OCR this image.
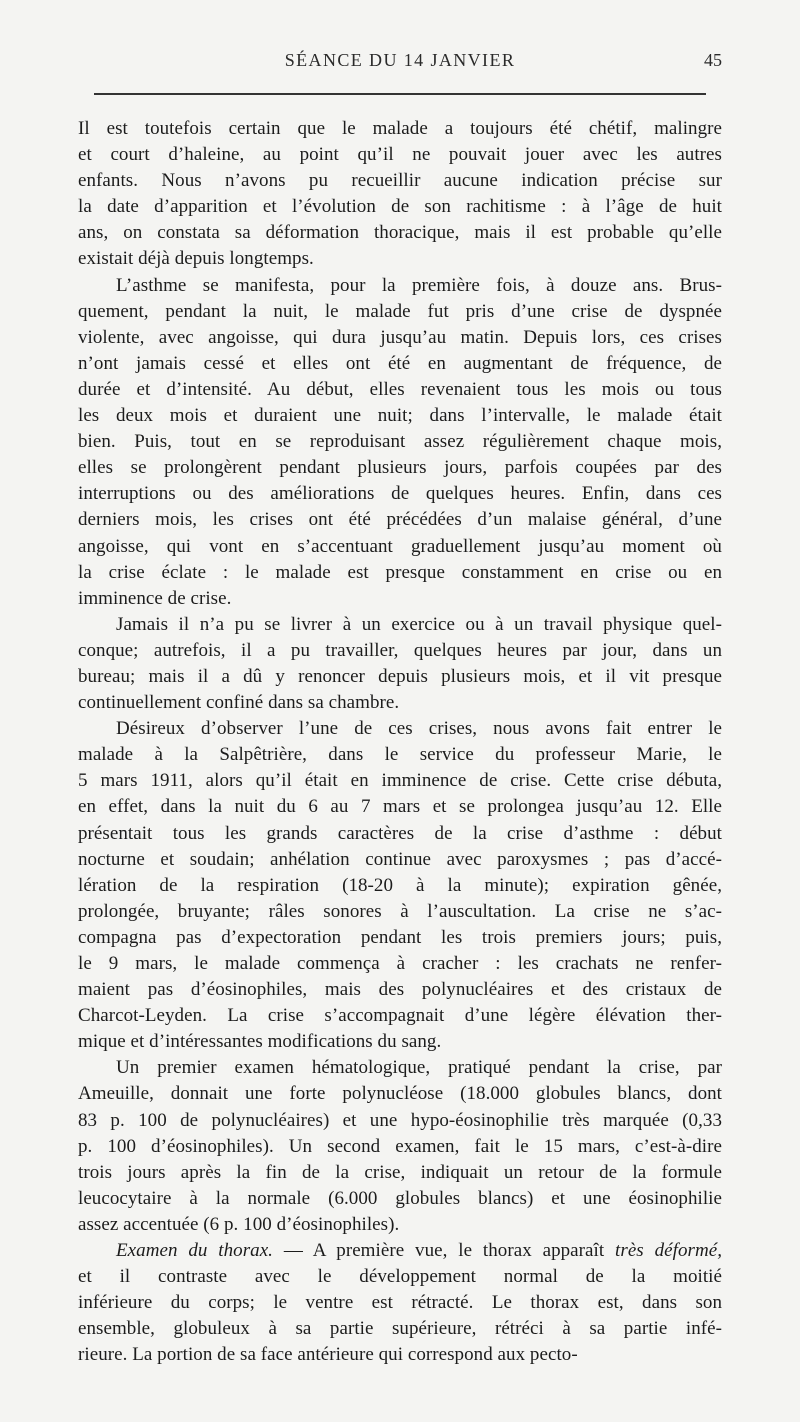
SÉANCE DU 14 JANVIER	45
Il est toutefois certain que le malade a toujours été chétif, malingre
et court d’haleine, au point qu’il ne pouvait jouer avec les autres
enfants. Nous n’avons pu recueillir aucune indication précise sur
la date d’apparition et l’évolution de son rachitisme : à l’âge de huit
ans, on constata sa déformation thoracique, mais il est probable qu’elle
existait déjà depuis longtemps.
L’asthme se manifesta, pour la première fois, à douze ans. Brus-
quement, pendant la nuit, le malade fut pris d’une crise de dyspnée
violente, avec angoisse, qui dura jusqu’au matin. Depuis lors, ces crises
n’ont jamais cessé et elles ont été en augmentant de fréquence, de
durée et d’intensité. Au début, elles revenaient tous les mois ou tous
les deux mois et duraient une nuit; dans l’intervalle, le malade était
bien. Puis, tout en se reproduisant assez régulièrement chaque mois,
elles se prolongèrent pendant plusieurs jours, parfois coupées par des
interruptions ou des améliorations de quelques heures. Enfin, dans ces
derniers mois, les crises ont été précédées d’un malaise général, d’une
angoisse, qui vont en s’accentuant graduellement jusqu’au moment où
la crise éclate : le malade est presque constamment en crise ou en
imminence de crise.
Jamais il n’a pu se livrer à un exercice ou à un travail physique quel-
conque; autrefois, il a pu travailler, quelques heures par jour, dans un
bureau; mais il a dû y renoncer depuis plusieurs mois, et il vit presque
continuellement confiné dans sa chambre.
Désireux d’observer l’une de ces crises, nous avons fait entrer le
malade à la Salpêtrière, dans le service du professeur Marie, le
5 mars 1911, alors qu’il était en imminence de crise. Cette crise débuta,
en effet, dans la nuit du 6 au 7 mars et se prolongea jusqu’au 12. Elle
présentait tous les grands caractères de la crise d’asthme : début
nocturne et soudain; anhélation continue avec paroxysmes ; pas d’accé-
lération de la respiration (18-20 à la minute); expiration gênée,
prolongée, bruyante; râles sonores à l’auscultation. La crise ne s’ac-
compagna pas d’expectoration pendant les trois premiers jours; puis,
le 9 mars, le malade commença à cracher : les crachats ne renfer-
maient pas d’éosinophiles, mais des polynucléaires et des cristaux de
Charcot-Leyden. La crise s’accompagnait d’une légère élévation ther-
mique et d’intéressantes modifications du sang.
Un premier examen hématologique, pratiqué pendant la crise, par
Ameuille, donnait une forte polynucléose (18.000 globules blancs, dont
83 p. 100 de polynucléaires) et une hypo-éosinophilie très marquée (0,33
p. 100 d’éosinophiles). Un second examen, fait le 15 mars, c’est-à-dire
trois jours après la fin de la crise, indiquait un retour de la formule
leucocytaire à la normale (6.000 globules blancs) et une éosinophilie
assez accentuée (6 p. 100 d’éosinophiles).
Examen du thorax. — A première vue, le thorax apparaît très déformé,
et il contraste avec le développement normal de la moitié
inférieure du corps; le ventre est rétracté. Le thorax est, dans son
ensemble, globuleux à sa partie supérieure, rétréci à sa partie infé-
rieure. La portion de sa face antérieure qui correspond aux pecto-
